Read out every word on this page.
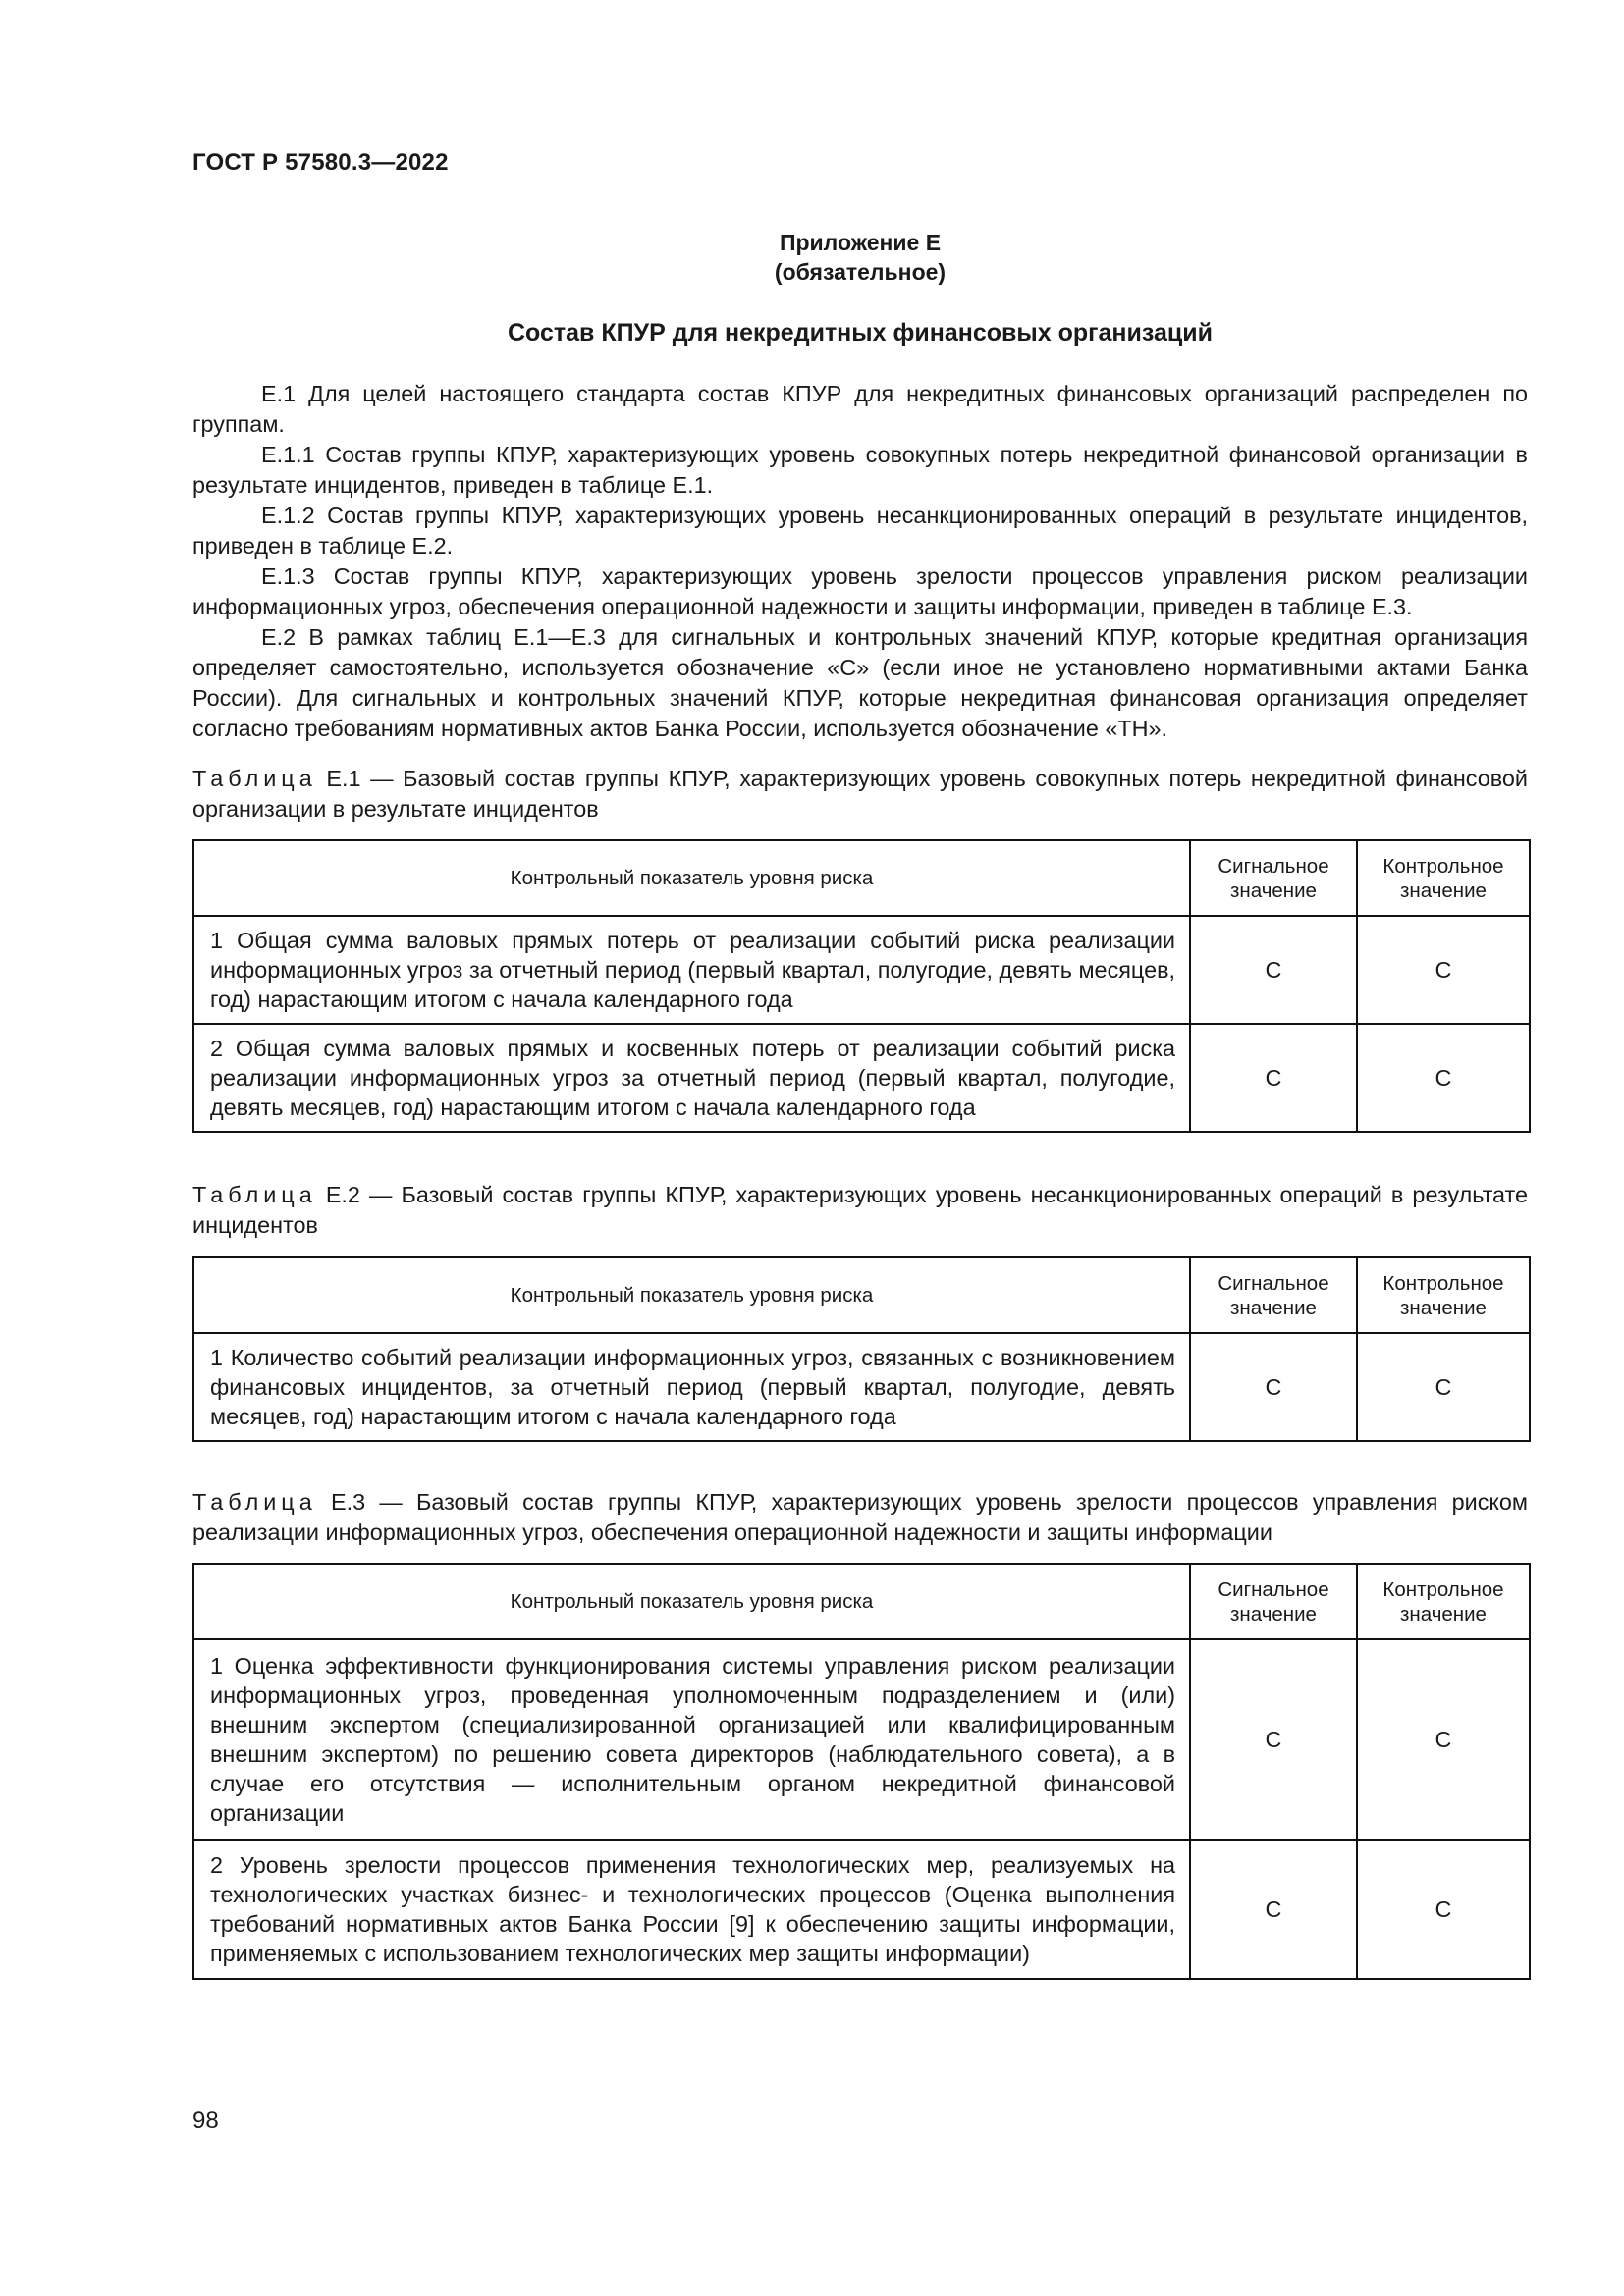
ГОСТ Р 57580.3—2022
Приложение Е
(обязательное)
Состав КПУР для некредитных финансовых организаций

Е.1 Для целей настоящего стандарта состав КПУР для некредитных финансовых организаций распределен по группам.

Е.1.1 Состав группы КПУР, характеризующих уровень совокупных потерь некредитной финансовой организации в результате инцидентов, приведен в таблице Е.1.

Е.1.2 Состав группы КПУР, характеризующих уровень несанкционированных операций в результате инцидентов, приведен в таблице Е.2.

Е.1.3 Состав группы КПУР, характеризующих уровень зрелости процессов управления риском реализации информационных угроз, обеспечения операционной надежности и защиты информации, приведен в таблице Е.3.

Е.2 В рамках таблиц Е.1—Е.3 для сигнальных и контрольных значений КПУР, которые кредитная организация определяет самостоятельно, используется обозначение «С» (если иное не установлено нормативными актами Банка России). Для сигнальных и контрольных значений КПУР, которые некредитная финансовая организация определяет согласно требованиям нормативных актов Банка России, используется обозначение «ТН».

Таблица Е.1 — Базовый состав группы КПУР, характеризующих уровень совокупных потерь некредитной финансовой организации в результате инцидентов
Контрольный показатель уровня риска	Сигнальное значение	Контрольное значение
1 Общая сумма валовых прямых потерь от реализации событий риска реализации информационных угроз за отчетный период (первый квартал, полугодие, девять месяцев, год) нарастающим итогом с начала календарного года	С	С
2 Общая сумма валовых прямых и косвенных потерь от реализации событий риска реализации информационных угроз за отчетный период (первый квартал, полугодие, девять месяцев, год) нарастающим итогом с начала календарного года	С	С
Таблица Е.2 — Базовый состав группы КПУР, характеризующих уровень несанкционированных операций в результате инцидентов
Контрольный показатель уровня риска	Сигнальное значение	Контрольное значение
1 Количество событий реализации информационных угроз, связанных с возникновением финансовых инцидентов, за отчетный период (первый квартал, полугодие, девять месяцев, год) нарастающим итогом с начала календарного года	С	С
Таблица Е.3 — Базовый состав группы КПУР, характеризующих уровень зрелости процессов управления риском реализации информационных угроз, обеспечения операционной надежности и защиты информации
Контрольный показатель уровня риска	Сигнальное значение	Контрольное значение
1 Оценка эффективности функционирования системы управления риском реализации информационных угроз, проведенная уполномоченным подразделением и (или) внешним экспертом (специализированной организацией или квалифицированным внешним экспертом) по решению совета директоров (наблюдательного совета), а в случае его отсутствия — исполнительным органом некредитной финансовой организации	С	С
2 Уровень зрелости процессов применения технологических мер, реализуемых на технологических участках бизнес- и технологических процессов (Оценка выполнения требований нормативных актов Банка России [9] к обеспечению защиты информации, применяемых с использованием технологических мер защиты информации)	С	С
98
